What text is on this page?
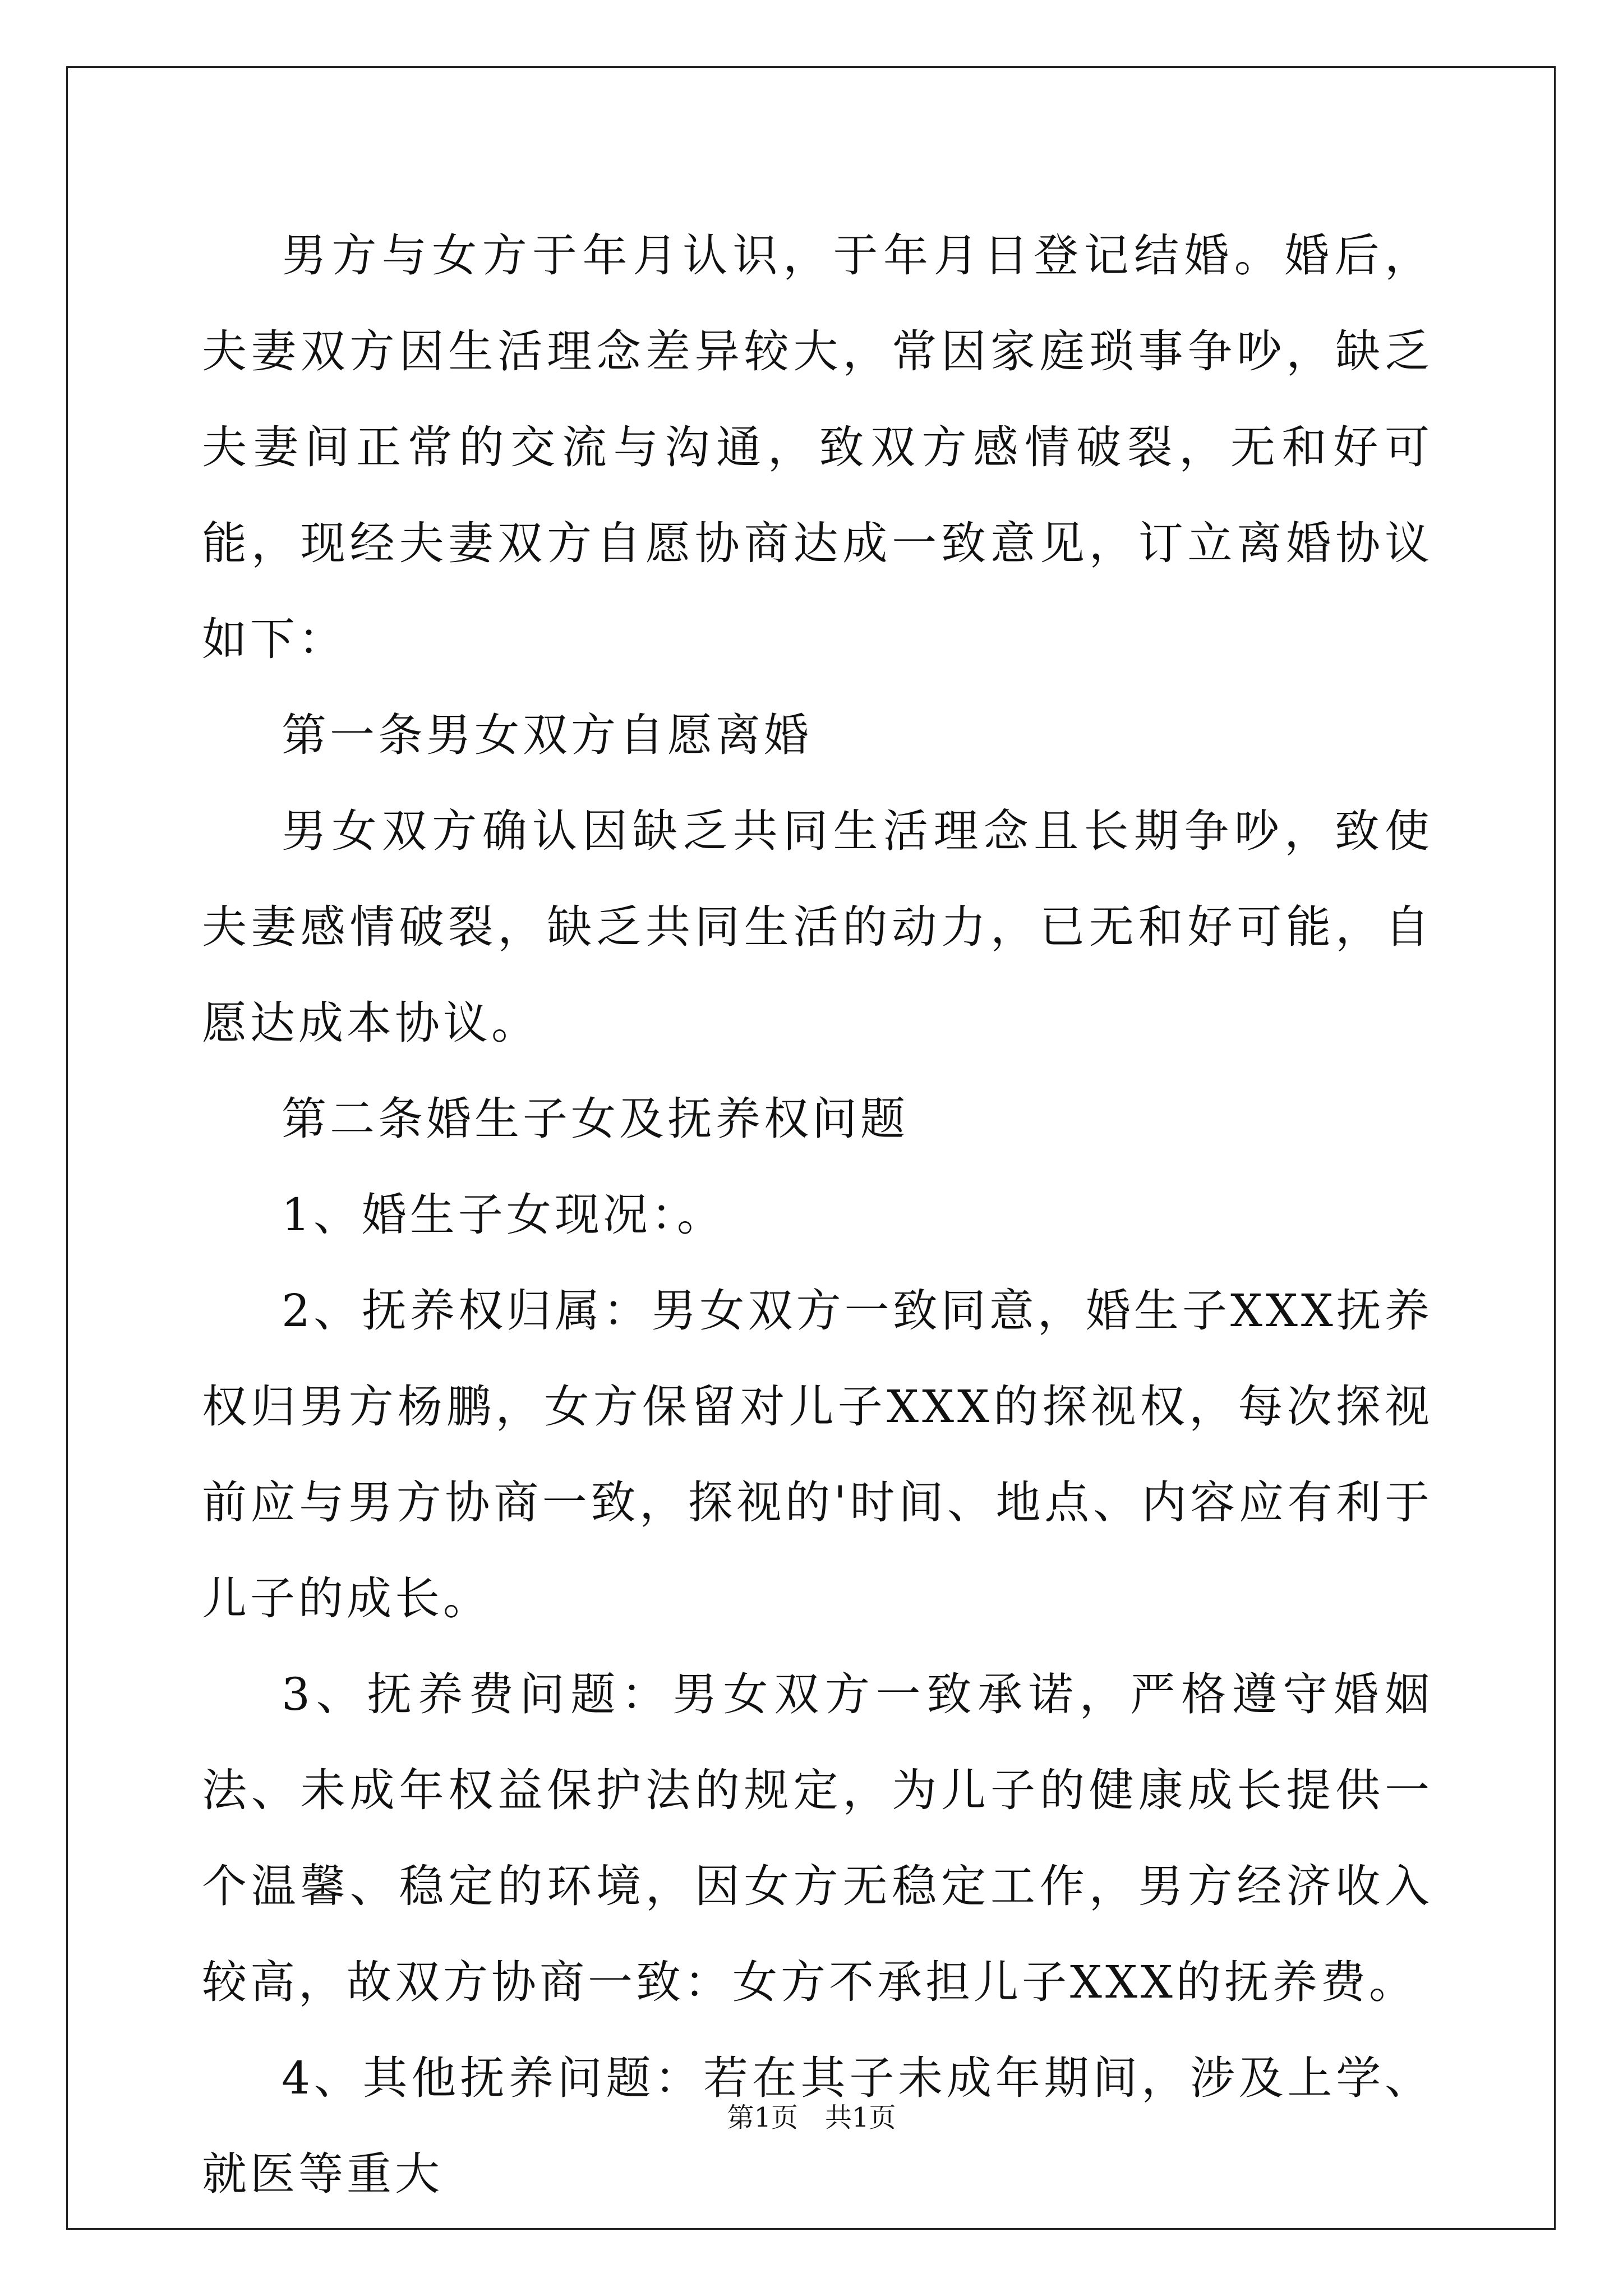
男方与女方于年月认识，于年月日登记结婚。婚后，夫妻双方因生活理念差异较大，常因家庭琐事争吵，缺乏夫妻间正常的交流与沟通，致双方感情破裂，无和好可能，现经夫妻双方自愿协商达成一致意见，订立离婚协议如下：

第一条男女双方自愿离婚

男女双方确认因缺乏共同生活理念且长期争吵，致使夫妻感情破裂，缺乏共同生活的动力，已无和好可能，自愿达成本协议。

第二条婚生子女及抚养权问题

1、婚生子女现况：。

2、抚养权归属：男女双方一致同意，婚生子XXX抚养权归男方杨鹏，女方保留对儿子XXX的探视权，每次探视前应与男方协商一致，探视的'时间、地点、内容应有利于儿子的成长。

3、抚养费问题：男女双方一致承诺，严格遵守婚姻法、未成年权益保护法的规定，为儿子的健康成长提供一个温馨、稳定的环境，因女方无稳定工作，男方经济收入较高，故双方协商一致：女方不承担儿子XXX的抚养费。

4、其他抚养问题：若在其子未成年期间，涉及上学、就医等重大

第1页 共1页
